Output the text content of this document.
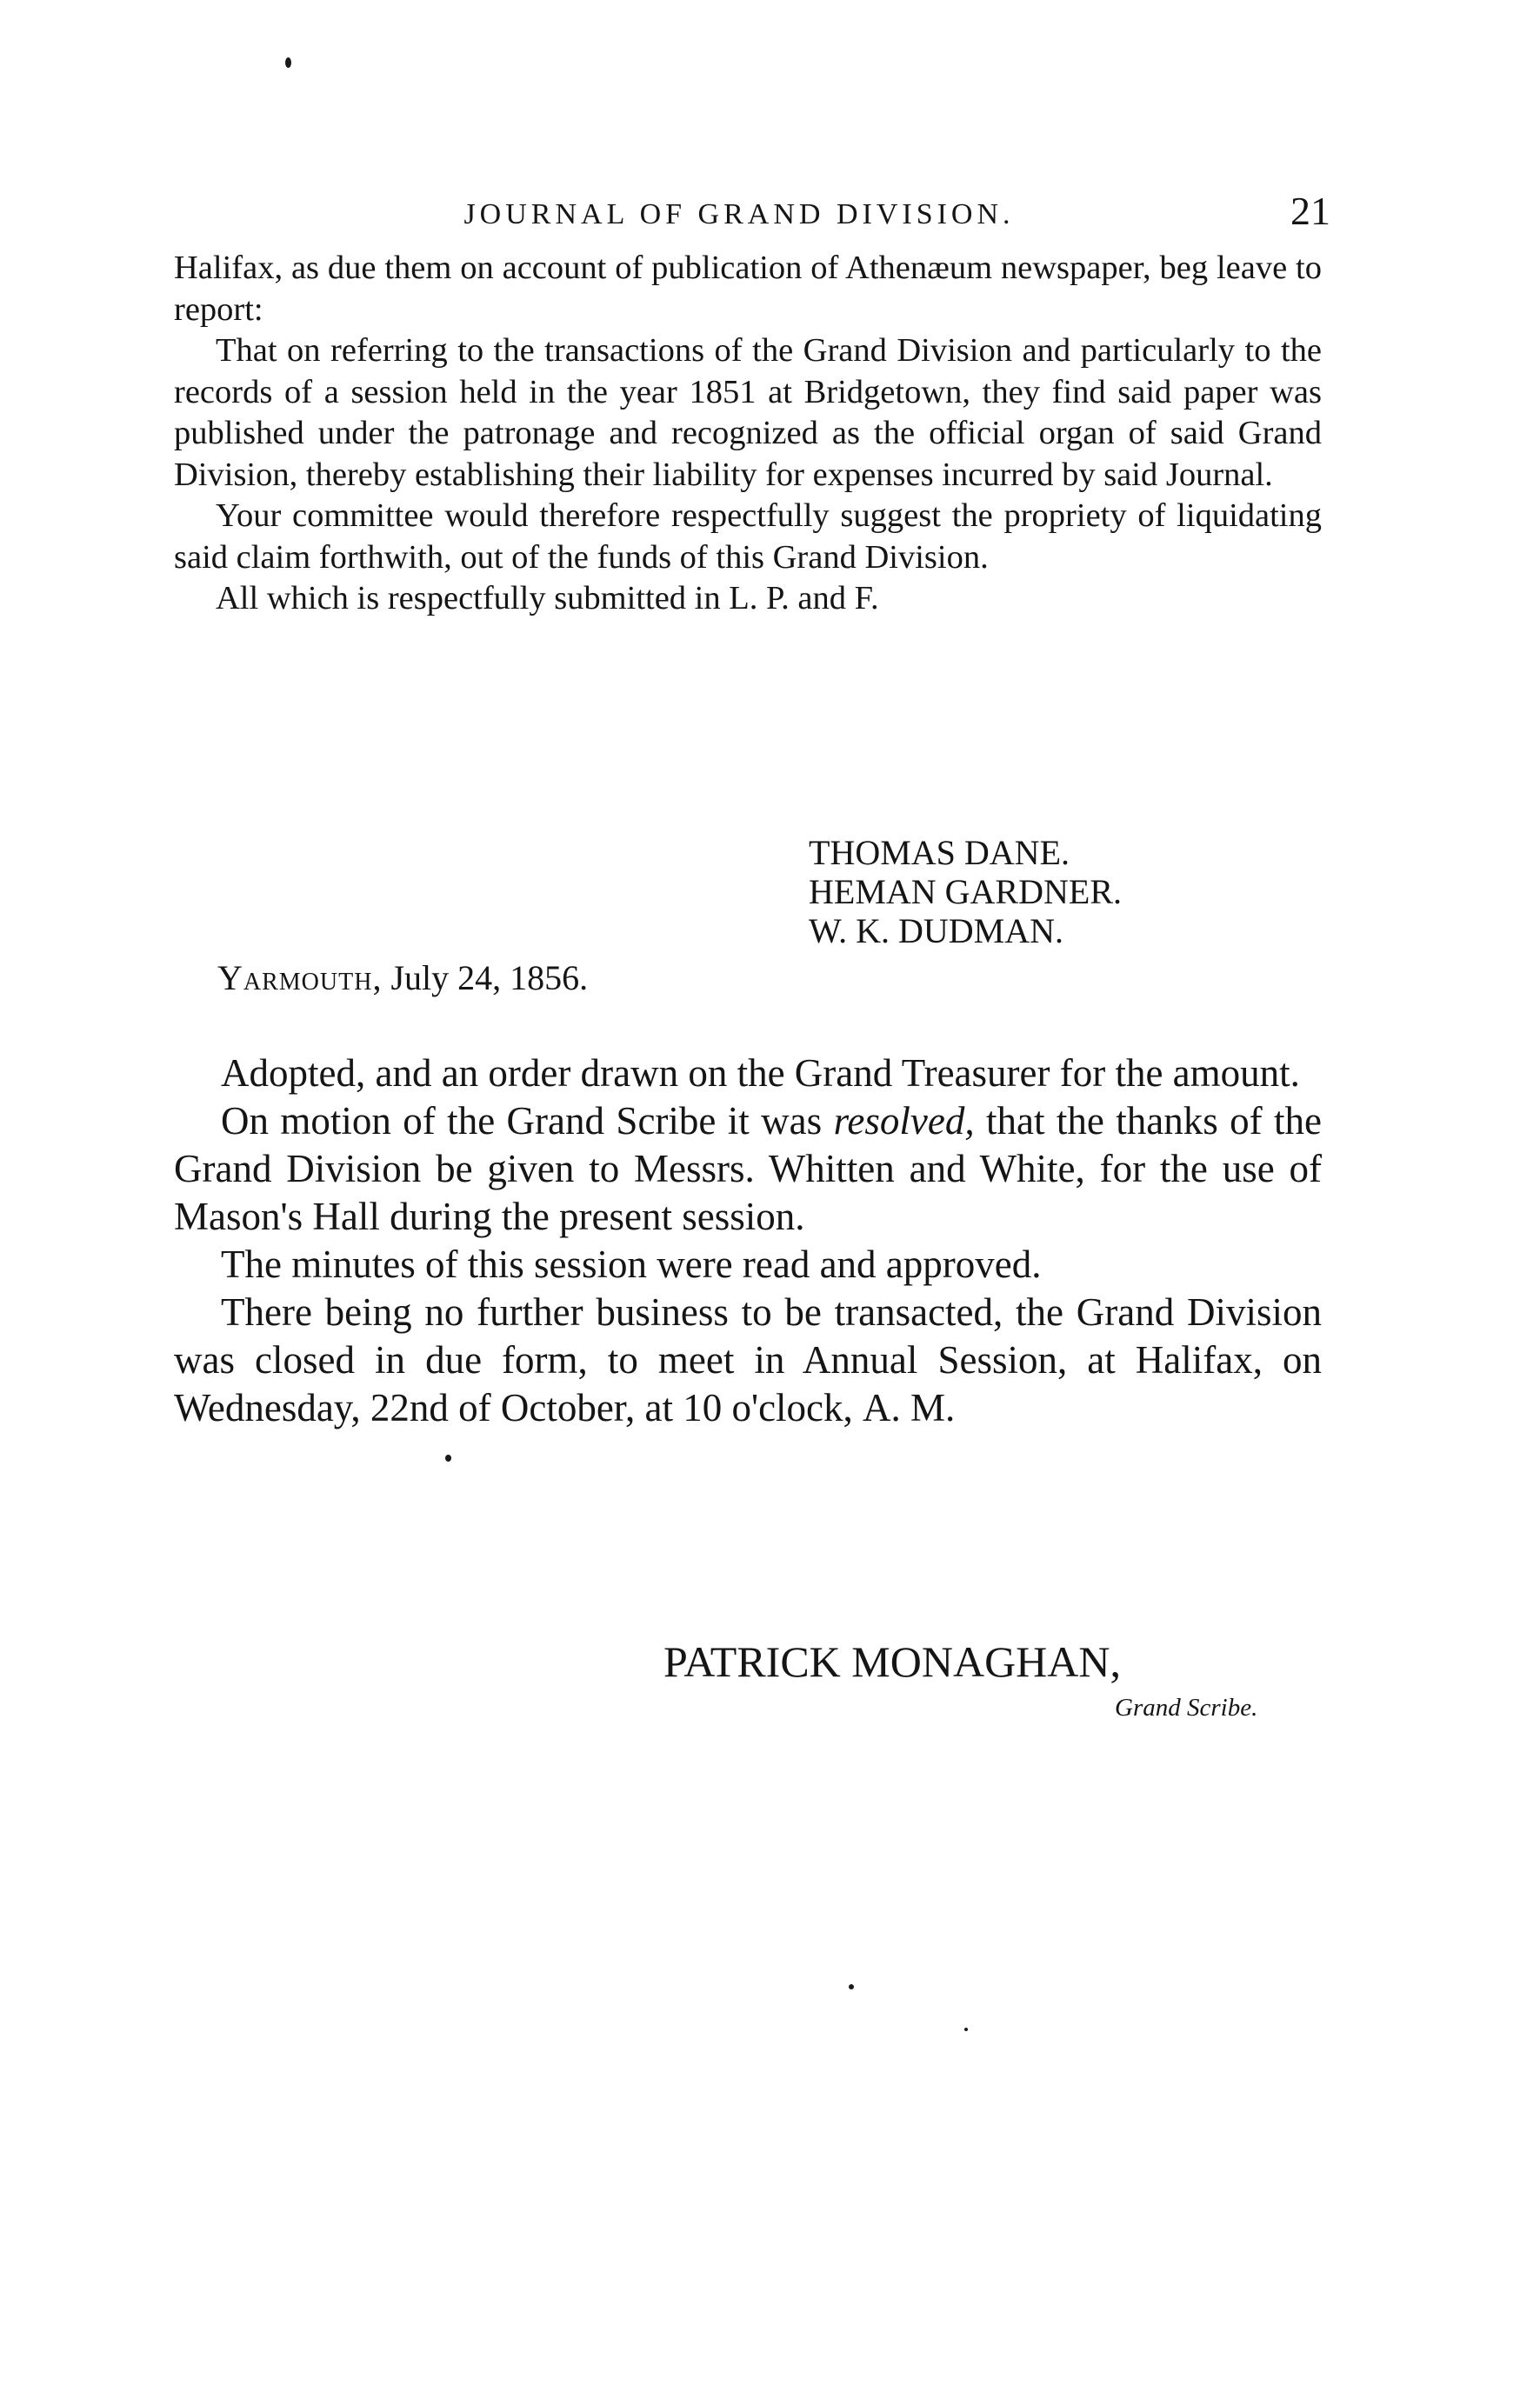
JOURNAL OF GRAND DIVISION.	21

Halifax, as due them on account of publication of Athenæum newspaper, beg leave to report:

That on referring to the transactions of the Grand Division and particularly to the records of a session held in the year 1851 at Bridgetown, they find said paper was published under the patronage and recognized as the official organ of said Grand Division, thereby establishing their liability for expenses incurred by said Journal.

Your committee would therefore respectfully suggest the propriety of liquidating said claim forthwith, out of the funds of this Grand Division.

All which is respectfully submitted in L. P. and F.

THOMAS DANE.
HEMAN GARDNER.
W. K. DUDMAN.
Yarmouth, July 24, 1856.

Adopted, and an order drawn on the Grand Treasurer for the amount.

On motion of the Grand Scribe it was resolved, that the thanks of the Grand Division be given to Messrs. Whitten and White, for the use of Mason's Hall during the present session.

The minutes of this session were read and approved.

There being no further business to be transacted, the Grand Division was closed in due form, to meet in Annual Session, at Halifax, on Wednesday, 22nd of October, at 10 o'clock, A. M.

PATRICK MONAGHAN,
Grand Scribe.
